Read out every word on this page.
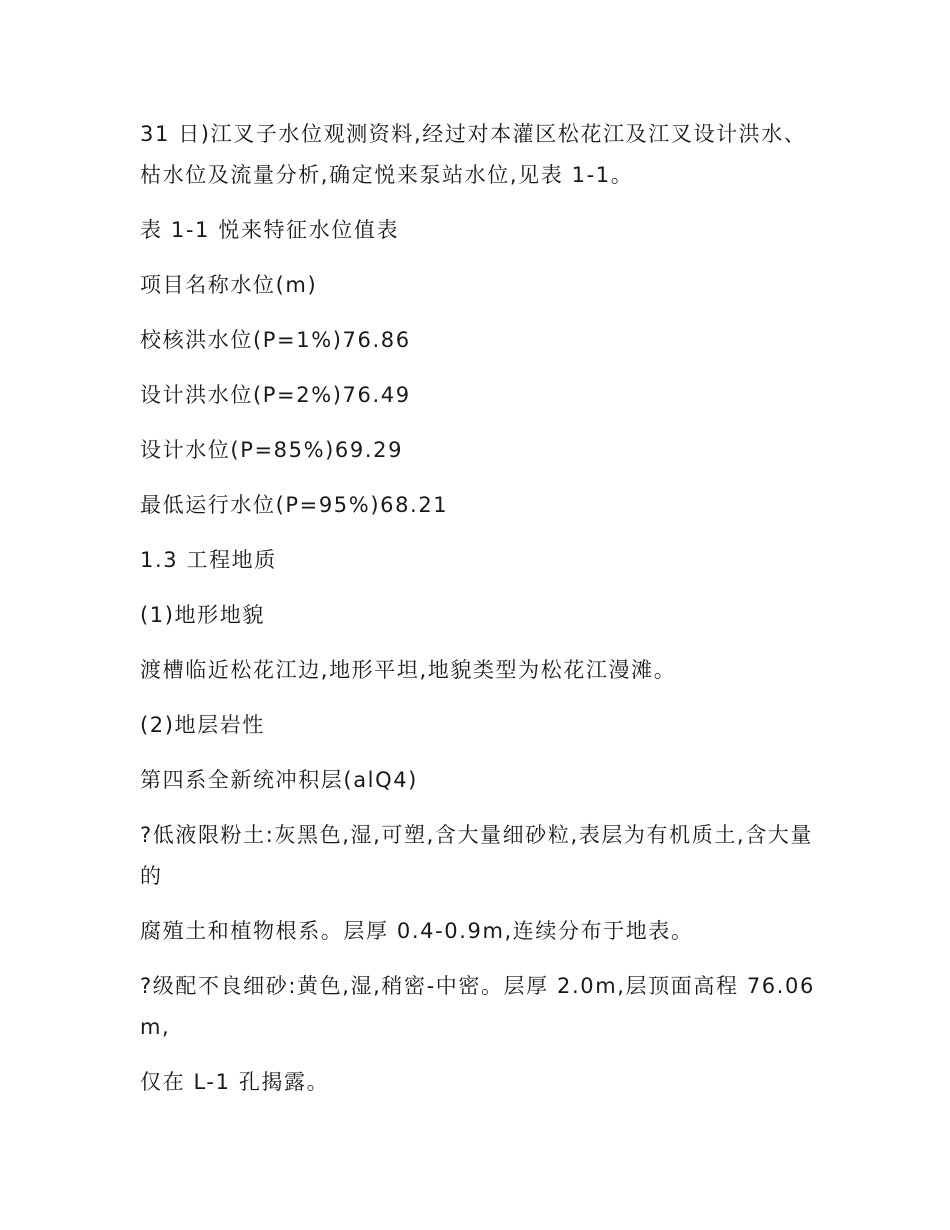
31 日)江叉子水位观测资料,经过对本灌区松花江及江叉设计洪水、枯水位及流量分析,确定悦来泵站水位,见表 1-1。

表 1-1 悦来特征水位值表

项目名称水位(m)

校核洪水位(P=1%)76.86

设计洪水位(P=2%)76.49

设计水位(P=85%)69.29

最低运行水位(P=95%)68.21

1.3 工程地质

(1)地形地貌

渡槽临近松花江边,地形平坦,地貌类型为松花江漫滩。

(2)地层岩性

第四系全新统冲积层(alQ4)

?低液限粉土:灰黑色,湿,可塑,含大量细砂粒,表层为有机质土,含大量的

腐殖土和植物根系。层厚 0.4-0.9m,连续分布于地表。

?级配不良细砂:黄色,湿,稍密-中密。层厚 2.0m,层顶面高程 76.06m,

仅在 L-1 孔揭露。
